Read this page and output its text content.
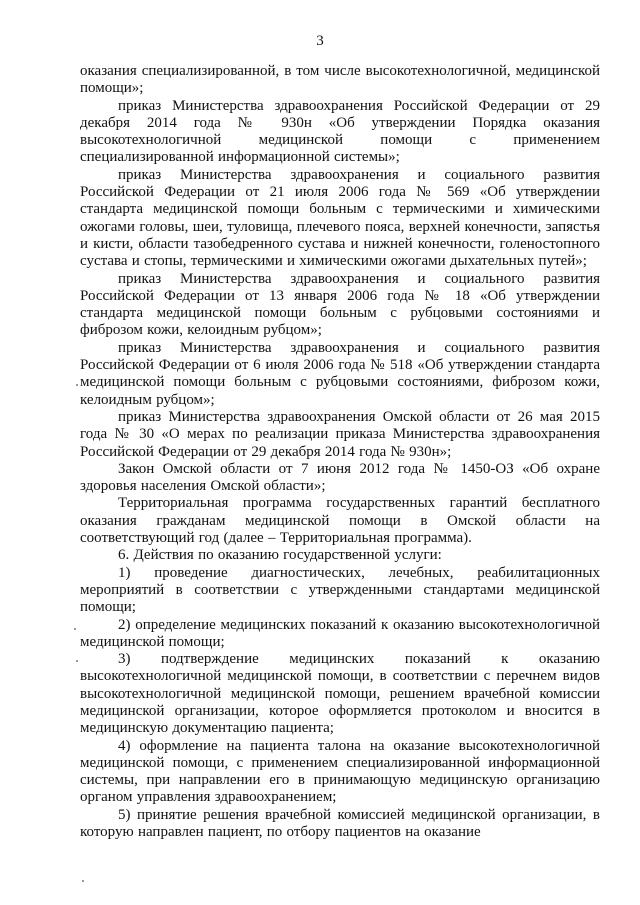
3

оказания специализированной, в том числе высокотехнологичной, медицинской помощи»;

приказ Министерства здравоохранения Российской Федерации от 29 декабря 2014 года № 930н «Об утверждении Порядка оказания высокотехнологичной медицинской помощи с применением специализированной информационной системы»;

приказ Министерства здравоохранения и социального развития Российской Федерации от 21 июля 2006 года № 569 «Об утверждении стандарта медицинской помощи больным с термическими и химическими ожогами головы, шеи, туловища, плечевого пояса, верхней конечности, запястья и кисти, области тазобедренного сустава и нижней конечности, голеностопного сустава и стопы, термическими и химическими ожогами дыхательных путей»;

приказ Министерства здравоохранения и социального развития Российской Федерации от 13 января 2006 года № 18 «Об утверждении стандарта медицинской помощи больным с рубцовыми состояниями и фиброзом кожи, келоидным рубцом»;

приказ Министерства здравоохранения и социального развития Российской Федерации от 6 июля 2006 года № 518 «Об утверждении стандарта медицинской помощи больным с рубцовыми состояниями, фиброзом кожи, келоидным рубцом»;

приказ Министерства здравоохранения Омской области от 26 мая 2015 года № 30 «О мерах по реализации приказа Министерства здравоохранения Российской Федерации от 29 декабря 2014 года № 930н»;

Закон Омской области от 7 июня 2012 года № 1450-ОЗ «Об охране здоровья населения Омской области»;

Территориальная программа государственных гарантий бесплатного оказания гражданам медицинской помощи в Омской области на соответствующий год (далее – Территориальная программа).

6. Действия по оказанию государственной услуги:

1) проведение диагностических, лечебных, реабилитационных мероприятий в соответствии с утвержденными стандартами медицинской помощи;

2) определение медицинских показаний к оказанию высокотехнологичной медицинской помощи;

3) подтверждение медицинских показаний к оказанию высокотехнологичной медицинской помощи, в соответствии с перечнем видов высокотехнологичной медицинской помощи, решением врачебной комиссии медицинской организации, которое оформляется протоколом и вносится в медицинскую документацию пациента;

4) оформление на пациента талона на оказание высокотехнологичной медицинской помощи, с применением специализированной информационной системы, при направлении его в принимающую медицинскую организацию органом управления здравоохранением;

5) принятие решения врачебной комиссией медицинской организации, в которую направлен пациент, по отбору пациентов на оказание
